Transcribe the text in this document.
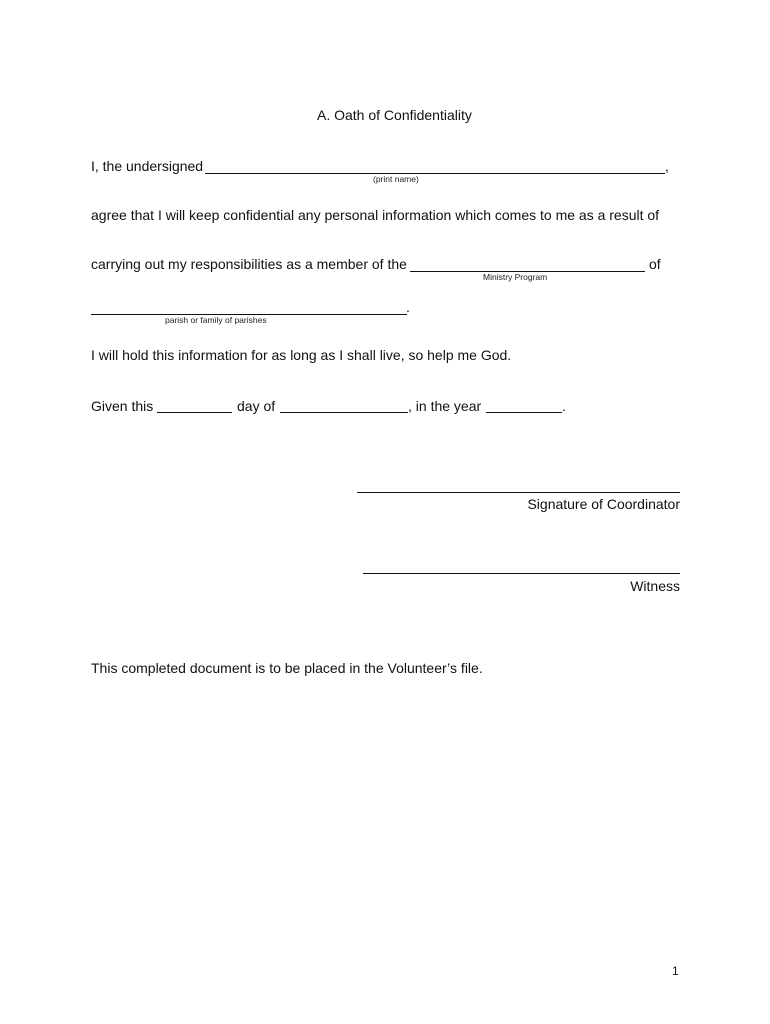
A. Oath of Confidentiality
I, the undersigned	,
(print name)
agree that I will keep confidential any personal information which comes to me as a result of
carrying out my responsibilities as a member of the	of
Ministry Program
.
parish or family of parishes
I will hold this information for as long as I shall live, so help me God.
Given this	day of	, in the year	.
Signature of Coordinator
Witness
This completed document is to be placed in the Volunteer’s file.
1
